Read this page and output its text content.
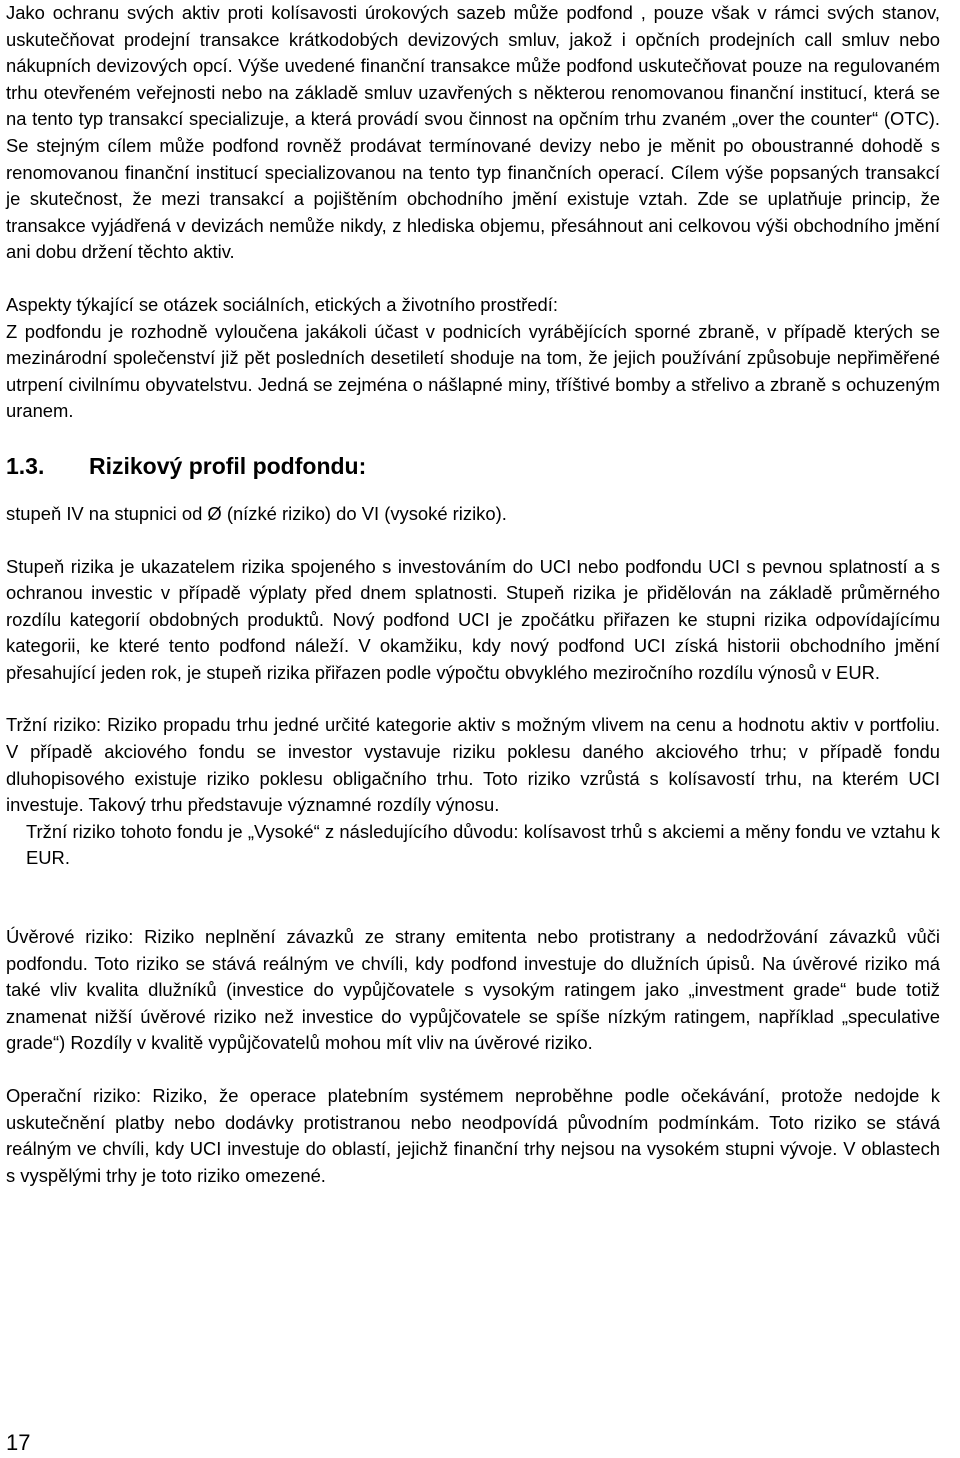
Jako ochranu svých aktiv proti kolísavosti úrokových sazeb může podfond , pouze však v rámci svých stanov, uskutečňovat prodejní transakce krátkodobých devizových smluv, jakož i opčních prodejních call smluv nebo nákupních devizových opcí. Výše uvedené finanční transakce může podfond uskutečňovat pouze na regulovaném trhu otevřeném veřejnosti nebo na základě smluv uzavřených s některou renomovanou finanční institucí, která se na tento typ transakcí specializuje, a která provádí svou činnost na opčním trhu zvaném „over the counter“ (OTC). Se stejným cílem může podfond rovněž prodávat termínované devizy nebo je měnit po oboustranné dohodě s renomovanou finanční institucí specializovanou na tento typ finančních operací. Cílem výše popsaných transakcí je skutečnost, že mezi transakcí a pojištěním obchodního jmění existuje vztah. Zde se uplatňuje princip, že transakce vyjádřená v devizách nemůže nikdy, z hlediska objemu, přesáhnout ani celkovou výši obchodního jmění ani dobu držení těchto aktiv.

Aspekty týkající se otázek sociálních, etických a životního prostředí:

Z podfondu je rozhodně vyloučena jakákoli účast v podnicích vyrábějících sporné zbraně, v případě kterých se mezinárodní společenství již pět posledních desetiletí shoduje na tom, že jejich používání způsobuje nepřiměřené utrpení civilnímu obyvatelstvu. Jedná se zejména o nášlapné miny, tříštivé bomby a střelivo a zbraně s ochuzeným uranem.

1.3.	Rizikový profil podfondu:

stupeň IV na stupnici od Ø (nízké riziko) do VI (vysoké riziko).

Stupeň rizika je ukazatelem rizika spojeného s investováním do UCI nebo podfondu UCI s pevnou splatností a s ochranou investic v případě výplaty před dnem splatnosti. Stupeň rizika je přidělován na základě průměrného rozdílu kategorií obdobných produktů. Nový podfond UCI je zpočátku přiřazen ke stupni rizika odpovídajícímu kategorii, ke které tento podfond náleží. V okamžiku, kdy nový podfond UCI získá historii obchodního jmění přesahující jeden rok, je stupeň rizika přiřazen podle výpočtu obvyklého meziročního rozdílu výnosů v EUR.

Tržní riziko: Riziko propadu trhu jedné určité kategorie aktiv s možným vlivem na cenu a hodnotu aktiv v portfoliu. V případě akciového fondu se investor vystavuje riziku poklesu daného akciového trhu; v případě fondu dluhopisového existuje riziko poklesu obligačního trhu. Toto riziko vzrůstá s kolísavostí trhu, na kterém UCI investuje. Takový trhu představuje významné rozdíly výnosu.

Tržní riziko tohoto fondu je „Vysoké“ z následujícího důvodu: kolísavost trhů s akciemi a měny fondu ve vztahu k EUR.

Úvěrové riziko: Riziko neplnění závazků ze strany emitenta nebo protistrany a nedodržování závazků vůči podfondu. Toto riziko se stává reálným ve chvíli, kdy podfond investuje do dlužních úpisů. Na úvěrové riziko má také vliv kvalita dlužníků (investice do vypůjčovatele s vysokým ratingem jako „investment grade“ bude totiž znamenat nižší úvěrové riziko než investice do vypůjčovatele se spíše nízkým ratingem, například „speculative grade“) Rozdíly v kvalitě vypůjčovatelů mohou mít vliv na úvěrové riziko.

Operační riziko: Riziko, že operace platebním systémem neproběhne podle očekávání, protože nedojde k uskutečnění platby nebo dodávky protistranou nebo neodpovídá původním podmínkám. Toto riziko se stává reálným ve chvíli, kdy UCI investuje do oblastí, jejichž finanční trhy nejsou na vysokém stupni vývoje. V oblastech s vyspělými trhy je toto riziko omezené.

17
